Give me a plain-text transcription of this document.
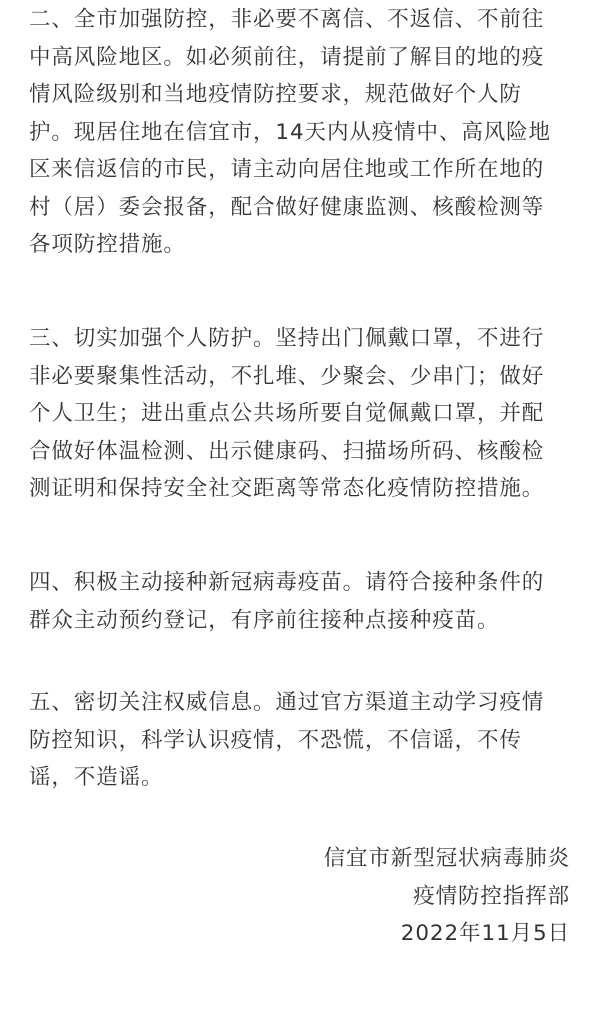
二、全市加强防控，非必要不离信、不返信、不前往
中高风险地区。如必须前往，请提前了解目的地的疫
情风险级别和当地疫情防控要求，规范做好个人防
护。现居住地在信宜市，14天内从疫情中、高风险地
区来信返信的市民，请主动向居住地或工作所在地的
村（居）委会报备，配合做好健康监测、核酸检测等
各项防控措施。

三、切实加强个人防护。坚持出门佩戴口罩，不进行
非必要聚集性活动，不扎堆、少聚会、少串门；做好
个人卫生；进出重点公共场所要自觉佩戴口罩，并配
合做好体温检测、出示健康码、扫描场所码、核酸检
测证明和保持安全社交距离等常态化疫情防控措施。

四、积极主动接种新冠病毒疫苗。请符合接种条件的
群众主动预约登记，有序前往接种点接种疫苗。

五、密切关注权威信息。通过官方渠道主动学习疫情
防控知识，科学认识疫情，不恐慌，不信谣，不传
谣，不造谣。

信宜市新型冠状病毒肺炎
疫情防控指挥部
2022年11月5日
